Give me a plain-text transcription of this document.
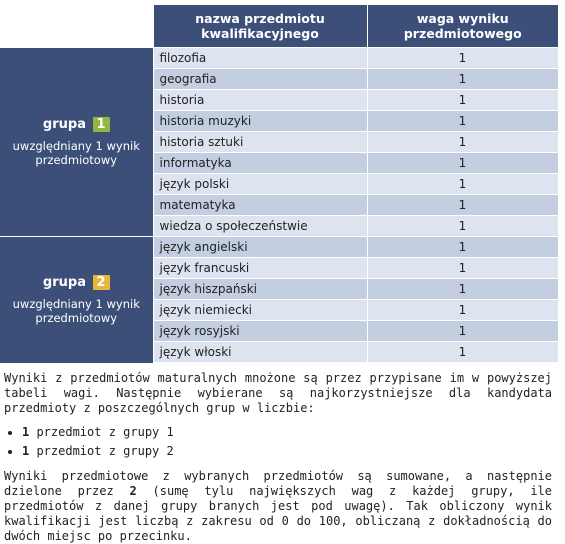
	nazwa przedmiotu kwalifikacyjnego	waga wyniku przedmiotowego

grupa 1
uwzględniany 1 wynik przedmiotowy	filozofia	1
	geografia	1
	historia	1
	historia muzyki	1
	historia sztuki	1
	informatyka	1
	język polski	1
	matematyka	1
	wiedza o społeczeństwie	1

grupa 2
uwzględniany 1 wynik przedmiotowy	język angielski	1
	język francuski	1
	język hiszpański	1
	język niemiecki	1
	język rosyjski	1
	język włoski	1

Wyniki z przedmiotów maturalnych mnożone są przez przypisane im w powyższej tabeli wagi. Następnie wybierane są najkorzystniejsze dla kandydata przedmioty z poszczególnych grup w liczbie:

• 1 przedmiot z grupy 1
• 1 przedmiot z grupy 2

Wyniki przedmiotowe z wybranych przedmiotów są sumowane, a następnie dzielone przez 2 (sumę tylu największych wag z każdej grupy, ile przedmiotów z danej grupy branych jest pod uwagę). Tak obliczony wynik kwalifikacji jest liczbą z zakresu od 0 do 100, obliczaną z dokładnością do dwóch miejsc po przecinku.
